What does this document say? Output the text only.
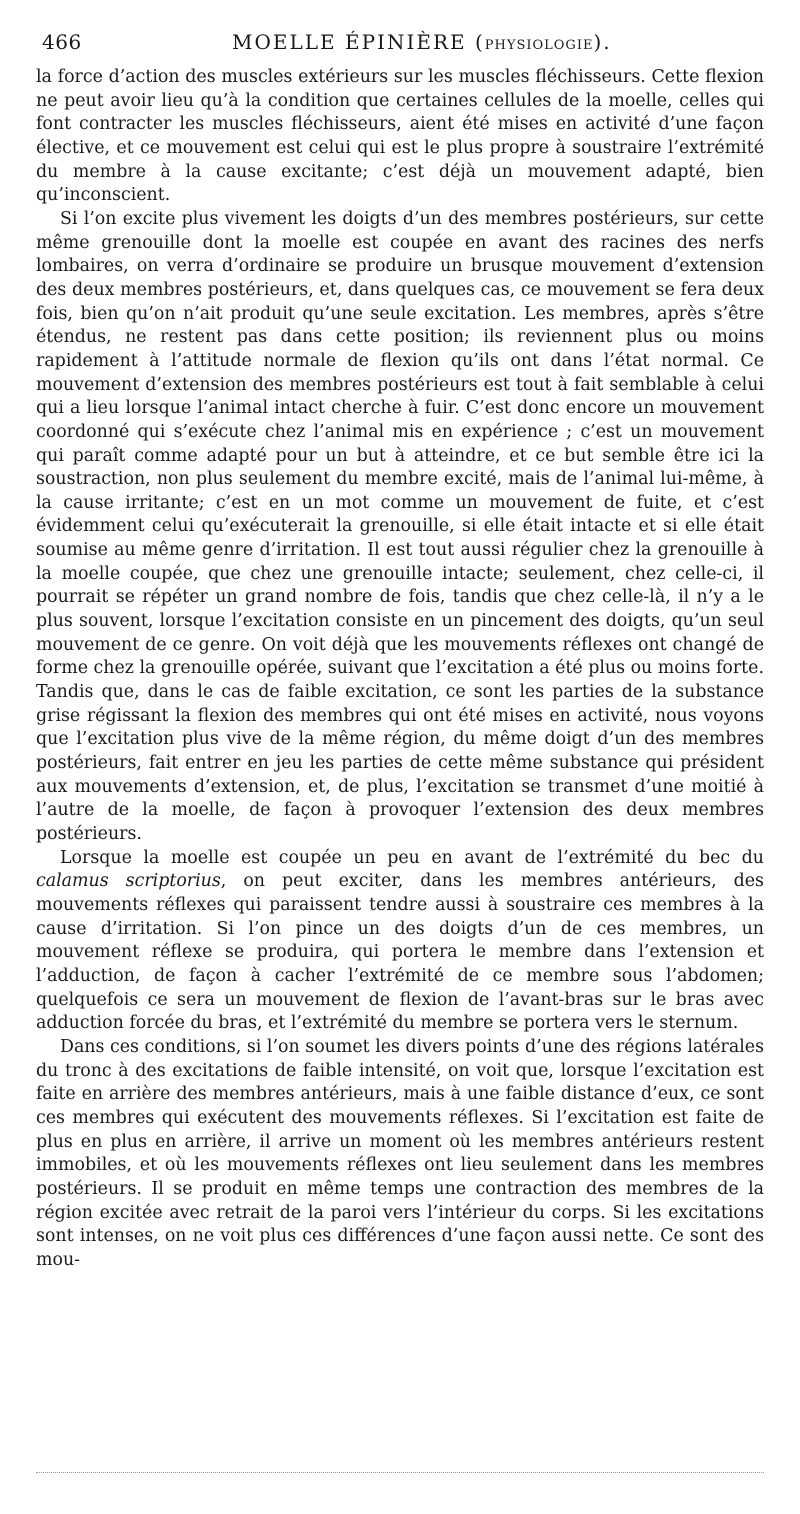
466	MOELLE ÉPINIÈRE (PHYSIOLOGIE).

la force d’action des muscles extérieurs sur les muscles fléchisseurs. Cette flexion ne peut avoir lieu qu’à la condition que certaines cellules de la moelle, celles qui font contracter les muscles fléchisseurs, aient été mises en activité d’une façon élective, et ce mouvement est celui qui est le plus propre à soustraire l’extrémité du membre à la cause excitante; c’est déjà un mouvement adapté, bien qu’inconscient.

Si l’on excite plus vivement les doigts d’un des membres postérieurs, sur cette même grenouille dont la moelle est coupée en avant des racines des nerfs lombaires, on verra d’ordinaire se produire un brusque mouvement d’extension des deux membres postérieurs, et, dans quelques cas, ce mouvement se fera deux fois, bien qu’on n’ait produit qu’une seule excitation. Les membres, après s’être étendus, ne restent pas dans cette position; ils reviennent plus ou moins rapidement à l’attitude normale de flexion qu’ils ont dans l’état normal. Ce mouvement d’extension des membres postérieurs est tout à fait semblable à celui qui a lieu lorsque l’animal intact cherche à fuir. C’est donc encore un mouvement coordonné qui s’exécute chez l’animal mis en expérience ; c’est un mouvement qui paraît comme adapté pour un but à atteindre, et ce but semble être ici la soustraction, non plus seulement du membre excité, mais de l’animal lui-même, à la cause irritante; c’est en un mot comme un mouvement de fuite, et c’est évidemment celui qu’exécuterait la grenouille, si elle était intacte et si elle était soumise au même genre d’irritation. Il est tout aussi régulier chez la grenouille à la moelle coupée, que chez une grenouille intacte; seulement, chez celle-ci, il pourrait se répéter un grand nombre de fois, tandis que chez celle-là, il n’y a le plus souvent, lorsque l’excitation consiste en un pincement des doigts, qu’un seul mouvement de ce genre. On voit déjà que les mouvements réflexes ont changé de forme chez la grenouille opérée, suivant que l’excitation a été plus ou moins forte. Tandis que, dans le cas de faible excitation, ce sont les parties de la substance grise régissant la flexion des membres qui ont été mises en activité, nous voyons que l’excitation plus vive de la même région, du même doigt d’un des membres postérieurs, fait entrer en jeu les parties de cette même substance qui président aux mouvements d’extension, et, de plus, l’excitation se transmet d’une moitié à l’autre de la moelle, de façon à provoquer l’extension des deux membres postérieurs.

Lorsque la moelle est coupée un peu en avant de l’extrémité du bec du calamus scriptorius, on peut exciter, dans les membres antérieurs, des mouvements réflexes qui paraissent tendre aussi à soustraire ces membres à la cause d’irritation. Si l’on pince un des doigts d’un de ces membres, un mouvement réflexe se produira, qui portera le membre dans l’extension et l’adduction, de façon à cacher l’extrémité de ce membre sous l’abdomen; quelquefois ce sera un mouvement de flexion de l’avant-bras sur le bras avec adduction forcée du bras, et l’extrémité du membre se portera vers le sternum.

Dans ces conditions, si l’on soumet les divers points d’une des régions latérales du tronc à des excitations de faible intensité, on voit que, lorsque l’excitation est faite en arrière des membres antérieurs, mais à une faible distance d’eux, ce sont ces membres qui exécutent des mouvements réflexes. Si l’excitation est faite de plus en plus en arrière, il arrive un moment où les membres antérieurs restent immobiles, et où les mouvements réflexes ont lieu seulement dans les membres postérieurs. Il se produit en même temps une contraction des membres de la région excitée avec retrait de la paroi vers l’intérieur du corps. Si les excitations sont intenses, on ne voit plus ces différences d’une façon aussi nette. Ce sont des mou-
